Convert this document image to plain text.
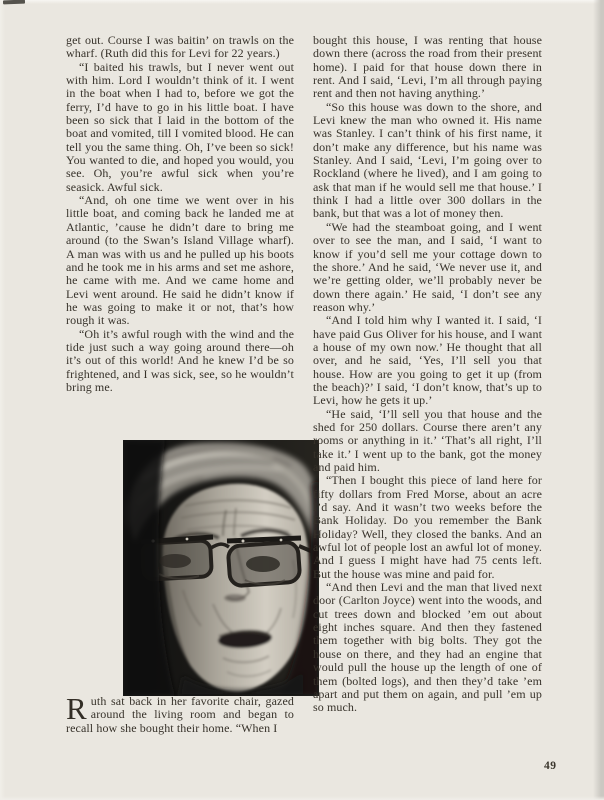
get out. Course I was baitin’ on trawls on the wharf. (Ruth did this for Levi for 22 years.)

“I baited his trawls, but I never went out with him. Lord I wouldn’t think of it. I went in the boat when I had to, before we got the ferry, I’d have to go in his little boat. I have been so sick that I laid in the bottom of the boat and vomited, till I vomited blood. He can tell you the same thing. Oh, I’ve been so sick! You wanted to die, and hoped you would, you see. Oh, you’re awful sick when you’re seasick. Awful sick.

“And, oh one time we went over in his little boat, and coming back he landed me at Atlantic, ’cause he didn’t dare to bring me around (to the Swan’s Island Village wharf). A man was with us and he pulled up his boots and he took me in his arms and set me ashore, he came with me. And we came home and Levi went around. He said he didn’t know if he was going to make it or not, that’s how rough it was.

“Oh it’s awful rough with the wind and the tide just such a way going around there—oh it’s out of this world! And he knew I’d be so frightened, and I was sick, see, so he wouldn’t bring me.

Ruth sat back in her favorite chair, gazed around the living room and began to recall how she bought their home. “When I

bought this house, I was renting that house down there (across the road from their present home). I paid for that house down there in rent. And I said, ‘Levi, I’m all through paying rent and then not having anything.’

“So this house was down to the shore, and Levi knew the man who owned it. His name was Stanley. I can’t think of his first name, it don’t make any difference, but his name was Stanley. And I said, ‘Levi, I’m going over to Rockland (where he lived), and I am going to ask that man if he would sell me that house.’ I think I had a little over 300 dollars in the bank, but that was a lot of money then.

“We had the steamboat going, and I went over to see the man, and I said, ‘I want to know if you’d sell me your cottage down to the shore.’ And he said, ‘We never use it, and we’re getting older, we’ll probably never be down there again.’ He said, ‘I don’t see any reason why.’

“And I told him why I wanted it. I said, ‘I have paid Gus Oliver for his house, and I want a house of my own now.’ He thought that all over, and he said, ‘Yes, I’ll sell you that house. How are you going to get it up (from the beach)?’ I said, ‘I don’t know, that’s up to Levi, how he gets it up.’

“He said, ‘I’ll sell you that house and the shed for 250 dollars. Course there aren’t any rooms or anything in it.’ ‘That’s all right, I’ll take it.’ I went up to the bank, got the money and paid him.

“Then I bought this piece of land here for fifty dollars from Fred Morse, about an acre I’d say. And it wasn’t two weeks before the Bank Holiday. Do you remember the Bank Holiday? Well, they closed the banks. And an awful lot of people lost an awful lot of money. And I guess I might have had 75 cents left. But the house was mine and paid for.

“And then Levi and the man that lived next door (Carlton Joyce) went into the woods, and cut trees down and blocked ’em out about eight inches square. And then they fastened them together with big bolts. They got the house on there, and they had an engine that would pull the house up the length of one of them (bolted logs), and then they’d take ’em apart and put them on again, and pull ’em up so much.

49
